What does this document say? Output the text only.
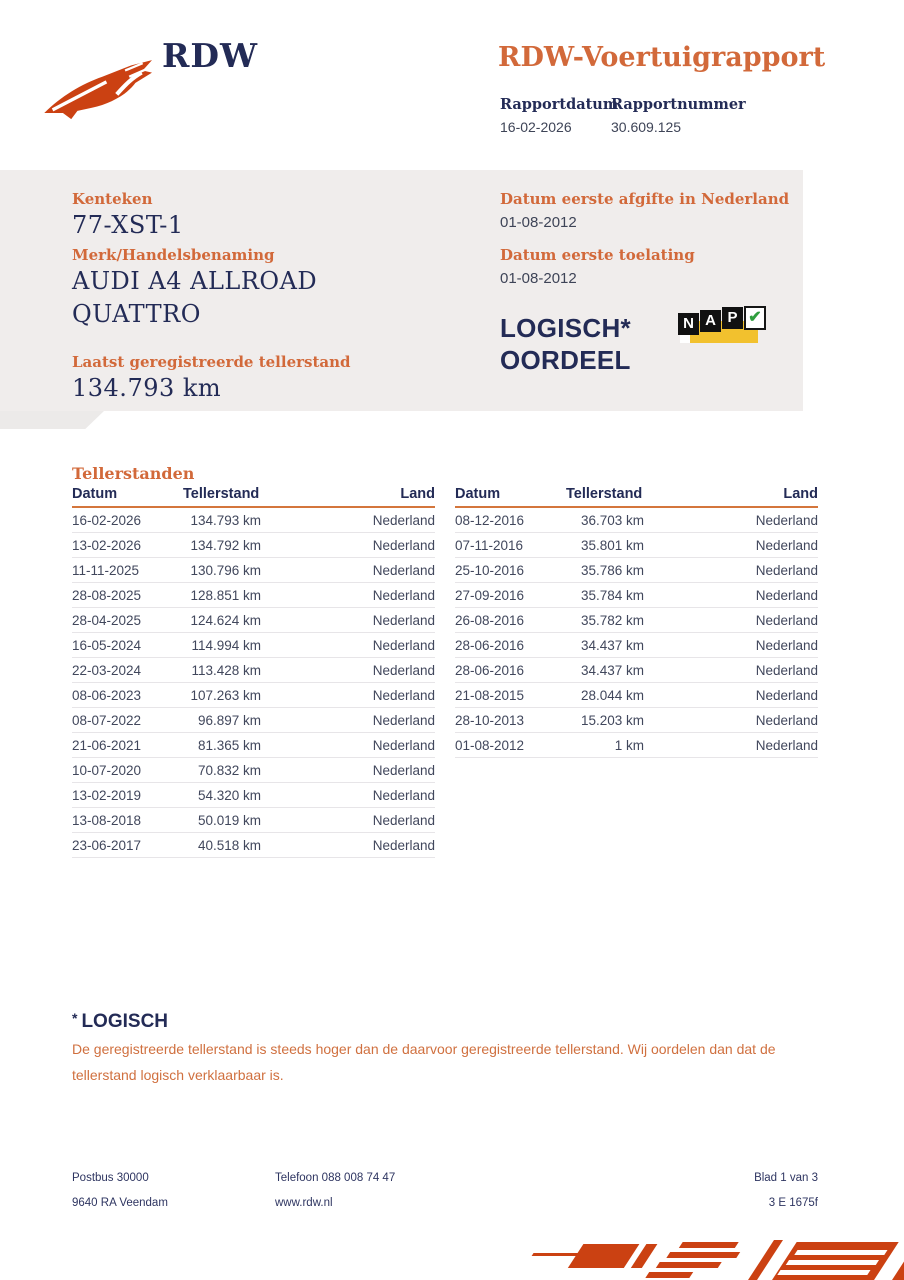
RDW	RDW-Voertuigrapport
Rapportdatum
16-02-2026
Rapportnummer
30.609.125
Kenteken
77-XST-1
Merk/Handelsbenaming
AUDI A4 ALLROAD QUATTRO
Laatst geregistreerde tellerstand
134.793 km
Datum eerste afgifte in Nederland
01-08-2012
Datum eerste toelating
01-08-2012
LOGISCH*
OORDEEL
N A P ✔
Tellerstanden
Datum	Tellerstand	Land
16-02-2026	134.793 km	Nederland
13-02-2026	134.792 km	Nederland
11-11-2025	130.796 km	Nederland
28-08-2025	128.851 km	Nederland
28-04-2025	124.624 km	Nederland
16-05-2024	114.994 km	Nederland
22-03-2024	113.428 km	Nederland
08-06-2023	107.263 km	Nederland
08-07-2022	96.897 km	Nederland
21-06-2021	81.365 km	Nederland
10-07-2020	70.832 km	Nederland
13-02-2019	54.320 km	Nederland
13-08-2018	50.019 km	Nederland
23-06-2017	40.518 km	Nederland
Datum	Tellerstand	Land
08-12-2016	36.703 km	Nederland
07-11-2016	35.801 km	Nederland
25-10-2016	35.786 km	Nederland
27-09-2016	35.784 km	Nederland
26-08-2016	35.782 km	Nederland
28-06-2016	34.437 km	Nederland
28-06-2016	34.437 km	Nederland
21-08-2015	28.044 km	Nederland
28-10-2013	15.203 km	Nederland
01-08-2012	1 km	Nederland
* LOGISCH
De geregistreerde tellerstand is steeds hoger dan de daarvoor geregistreerde tellerstand. Wij oordelen dan dat de tellerstand logisch verklaarbaar is.
Postbus 30000
9640 RA Veendam
Telefoon 088 008 74 47
www.rdw.nl
Blad 1 van 3
3 E 1675f
